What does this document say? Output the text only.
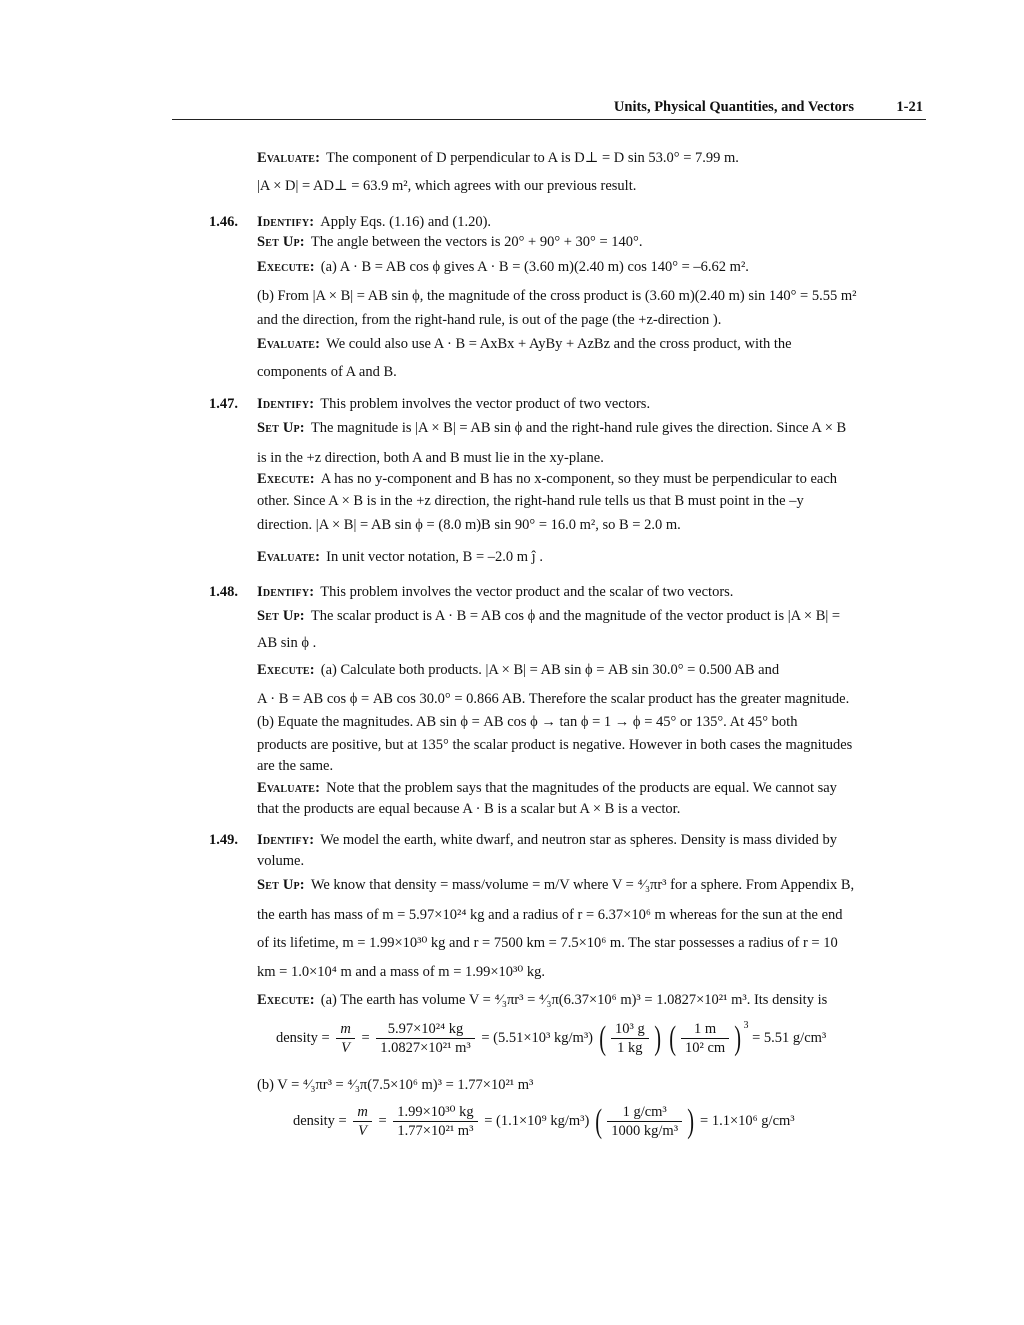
Units, Physical Quantities, and Vectors	1-21
Evaluate: The component of D perpendicular to A is D⊥ = D sin 53.0° = 7.99 m.
|A × D| = AD⊥ = 63.9 m², which agrees with our previous result.
1.46. Identify: Apply Eqs. (1.16) and (1.20).
Set Up: The angle between the vectors is 20° + 90° + 30° = 140°.
Execute: (a) A · B = AB cos ϕ gives A · B = (3.60 m)(2.40 m) cos 140° = –6.62 m².
(b) From |A × B| = AB sin ϕ, the magnitude of the cross product is (3.60 m)(2.40 m) sin 140° = 5.55 m²
and the direction, from the right-hand rule, is out of the page (the +z-direction ).
Evaluate: We could also use A · B = AxBx + AyBy + AzBz and the cross product, with the
components of A and B.
1.47. Identify: This problem involves the vector product of two vectors.
Set Up: The magnitude is |A × B| = AB sin ϕ and the right-hand rule gives the direction. Since A × B
is in the +z direction, both A and B must lie in the xy-plane.
Execute: A has no y-component and B has no x-component, so they must be perpendicular to each
other. Since A × B is in the +z direction, the right-hand rule tells us that B must point in the –y
direction. |A × B| = AB sin ϕ = (8.0 m)B sin 90° = 16.0 m², so B = 2.0 m.
Evaluate: In unit vector notation, B = –2.0 m ĵ .
1.48. Identify: This problem involves the vector product and the scalar of two vectors.
Set Up: The scalar product is A · B = AB cos ϕ and the magnitude of the vector product is |A × B| =
AB sin ϕ .
Execute: (a) Calculate both products. |A × B| = AB sin ϕ = AB sin 30.0° = 0.500 AB and
A · B = AB cos ϕ = AB cos 30.0° = 0.866 AB. Therefore the scalar product has the greater magnitude.
(b) Equate the magnitudes. AB sin ϕ = AB cos ϕ → tan ϕ = 1 → ϕ = 45° or 135°. At 45° both
products are positive, but at 135° the scalar product is negative. However in both cases the magnitudes
are the same.
Evaluate: Note that the problem says that the magnitudes of the products are equal. We cannot say
that the products are equal because A · B is a scalar but A × B is a vector.
1.49. Identify: We model the earth, white dwarf, and neutron star as spheres. Density is mass divided by
volume.
Set Up: We know that density = mass/volume = m/V where V = ⁴⁄₃πr³ for a sphere. From Appendix B,
the earth has mass of m = 5.97×10²⁴ kg and a radius of r = 6.37×10⁶ m whereas for the sun at the end
of its lifetime, m = 1.99×10³⁰ kg and r = 7500 km = 7.5×10⁶ m. The star possesses a radius of r = 10
km = 1.0×10⁴ m and a mass of m = 1.99×10³⁰ kg.
Execute: (a) The earth has volume V = ⁴⁄₃πr³ = ⁴⁄₃π(6.37×10⁶ m)³ = 1.0827×10²¹ m³. Its density is
density = $\frac{m}{V} = \frac{\text{5.97×10²⁴ kg}}{\text{1.0827×10²¹ m³}} = (5.51\times 10^3$ kg/m³) ( $\frac{\text{10³ g}}{1 kg}$ ) ( $\frac{1 m}{\text{10² cm}}$ ) $^3$ = 5.51 g/cm³
(b) V = ⁴⁄₃πr³ = ⁴⁄₃π(7.5×10⁶ m)³ = 1.77×10²¹ m³
density = $\frac{m}{V} = \frac{\text{1.99×10³⁰ kg}}{\text{1.77×10²¹ m³}} = (1.1\times 10^9$ kg/m³) ( $\frac{\text{1 g/cm³}}{\text{1000 kg/m³}}$ ) = 1.1×10⁶ g/cm³
